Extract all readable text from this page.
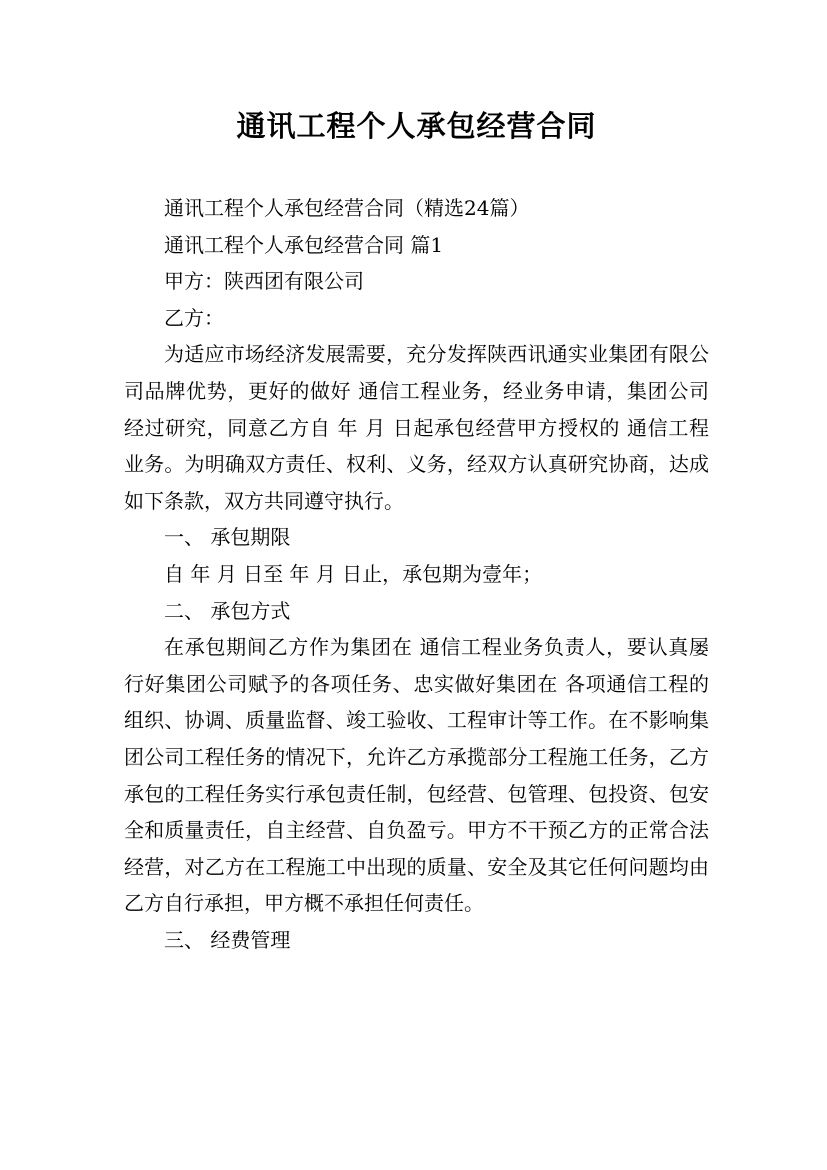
通讯工程个人承包经营合同

通讯工程个人承包经营合同（精选24篇）

通讯工程个人承包经营合同 篇1

甲方：陕西团有限公司

乙方：

为适应市场经济发展需要，充分发挥陕西讯通实业集团有限公司品牌优势，更好的做好 通信工程业务，经业务申请，集团公司经过研究，同意乙方自 年 月 日起承包经营甲方授权的 通信工程业务。为明确双方责任、权利、义务，经双方认真研究协商，达成如下条款，双方共同遵守执行。

一、 承包期限

自 年 月 日至 年 月 日止，承包期为壹年；

二、 承包方式

在承包期间乙方作为集团在 通信工程业务负责人，要认真屡行好集团公司赋予的各项任务、忠实做好集团在 各项通信工程的组织、协调、质量监督、竣工验收、工程审计等工作。在不影响集团公司工程任务的情况下，允许乙方承揽部分工程施工任务，乙方承包的工程任务实行承包责任制，包经营、包管理、包投资、包安全和质量责任，自主经营、自负盈亏。甲方不干预乙方的正常合法经营，对乙方在工程施工中出现的质量、安全及其它任何问题均由乙方自行承担，甲方概不承担任何责任。

三、 经费管理
